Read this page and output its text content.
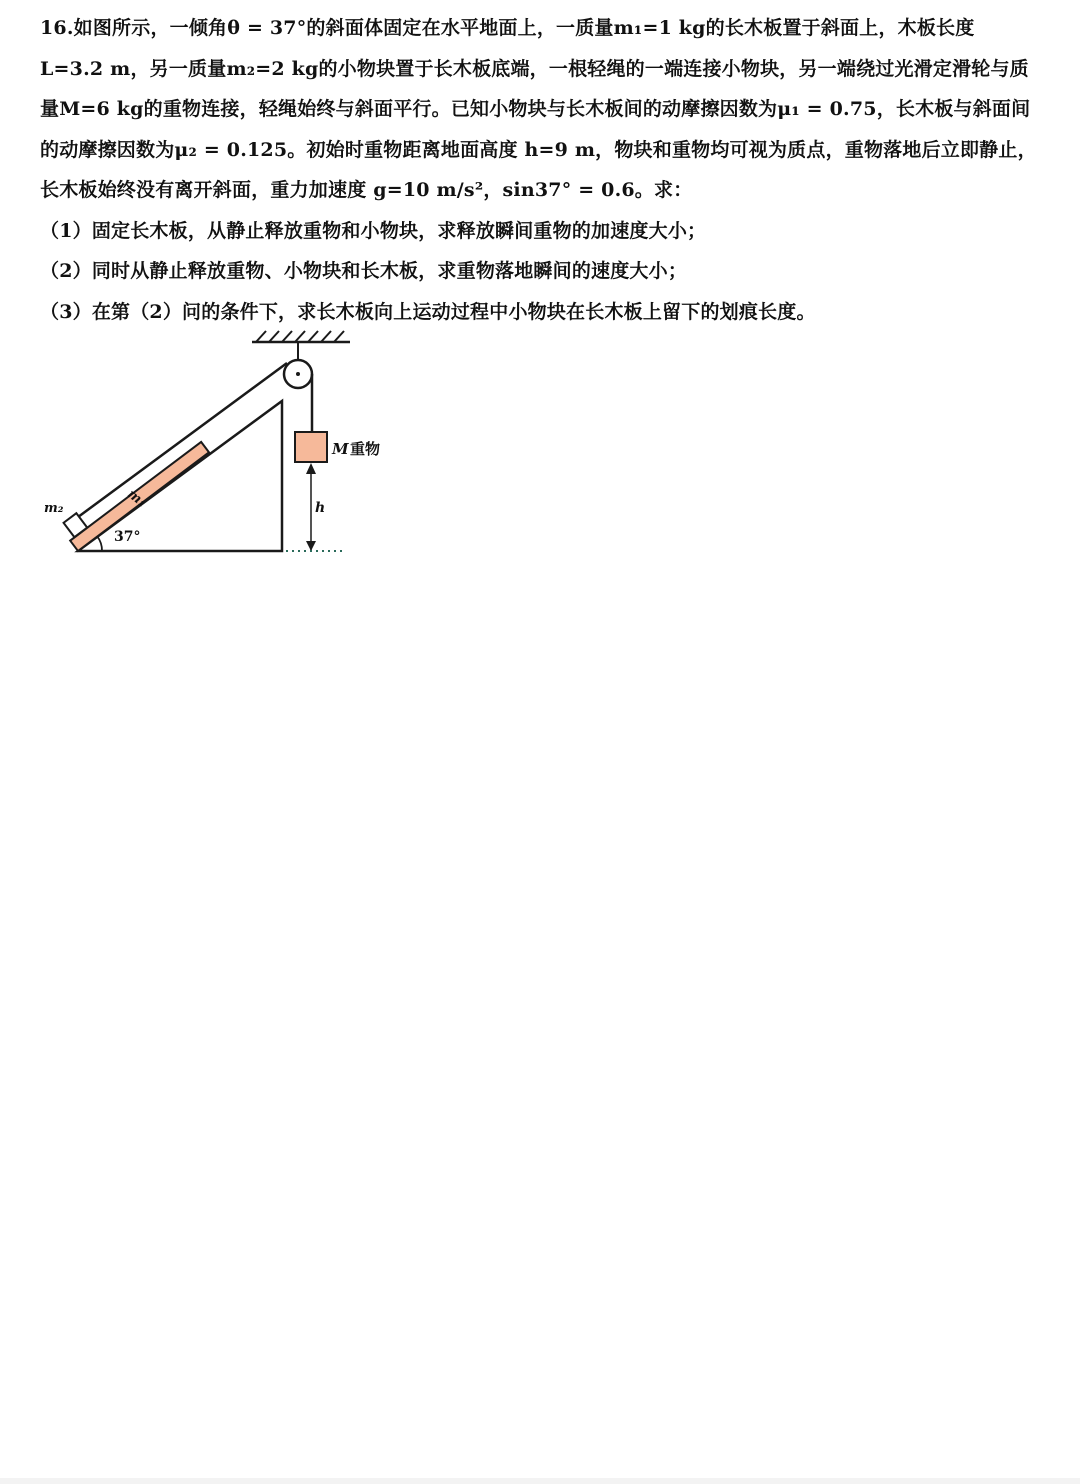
16.如图所示，一倾角θ = 37°的斜面体固定在水平地面上，一质量m₁=1 kg的长木板置于斜面上，木板长度
L=3.2 m，另一质量m₂=2 kg的小物块置于长木板底端，一根轻绳的一端连接小物块，另一端绕过光滑定滑轮与质
量M=6 kg的重物连接，轻绳始终与斜面平行。已知小物块与长木板间的动摩擦因数为μ₁ = 0.75，长木板与斜面间
的动摩擦因数为μ₂ = 0.125。初始时重物距离地面高度 h=9 m，物块和重物均可视为质点，重物落地后立即静止，
长木板始终没有离开斜面，重力加速度 g=10 m/s²，sin37° = 0.6。求：
（1）固定长木板，从静止释放重物和小物块，求释放瞬间重物的加速度大小；
（2）同时从静止释放重物、小物块和长木板，求重物落地瞬间的速度大小；
（3）在第（2）问的条件下，求长木板向上运动过程中小物块在长木板上留下的划痕长度。
37°
m₁
m₂
M 重物
h
